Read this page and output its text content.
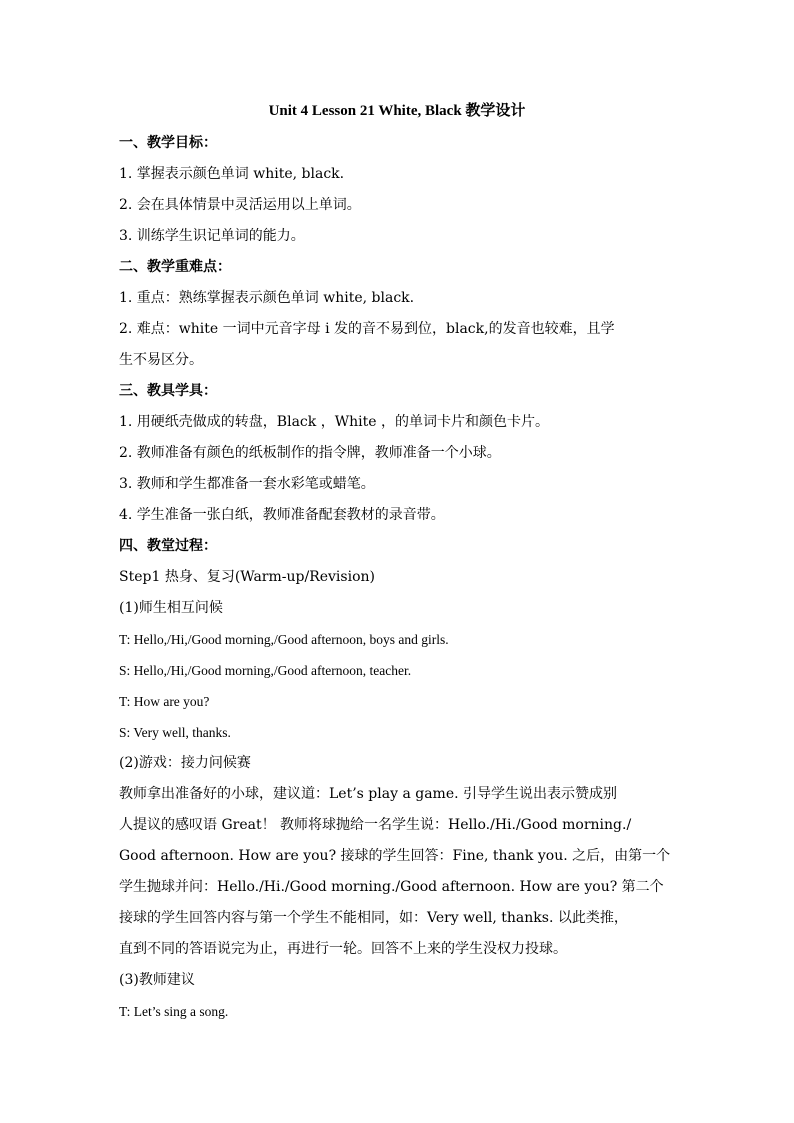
Unit 4 Lesson 21 White, Black 教学设计
一、教学目标：
1. 掌握表示颜色单词 white, black.
2. 会在具体情景中灵活运用以上单词。
3. 训练学生识记单词的能力。
二、教学重难点：
1. 重点：熟练掌握表示颜色单词 white, black.
2. 难点：white 一词中元音字母 i 发的音不易到位，black,的发音也较难，且学
生不易区分。
三、教具学具：
1. 用硬纸壳做成的转盘，Black ，White ，的单词卡片和颜色卡片。
2. 教师准备有颜色的纸板制作的指令牌，教师准备一个小球。
3. 教师和学生都准备一套水彩笔或蜡笔。
4. 学生准备一张白纸，教师准备配套教材的录音带。
四、教堂过程：
Step1 热身、复习(Warm-up/Revision)
(1)师生相互问候
T: Hello,/Hi,/Good morning,/Good afternoon, boys and girls.
S: Hello,/Hi,/Good morning,/Good afternoon, teacher.
T: How are you?
S: Very well, thanks.
(2)游戏：接力问候赛
教师拿出准备好的小球，建议道：Let’s play a game. 引导学生说出表示赞成别
人提议的感叹语 Great！ 教师将球抛给一名学生说：Hello./Hi./Good morning./
Good afternoon. How are you? 接球的学生回答：Fine, thank you. 之后，由第一个
学生抛球并问：Hello./Hi./Good morning./Good afternoon. How are you? 第二个
接球的学生回答内容与第一个学生不能相同，如：Very well, thanks. 以此类推，
直到不同的答语说完为止，再进行一轮。回答不上来的学生没权力投球。
(3)教师建议
T: Let’s sing a song.
